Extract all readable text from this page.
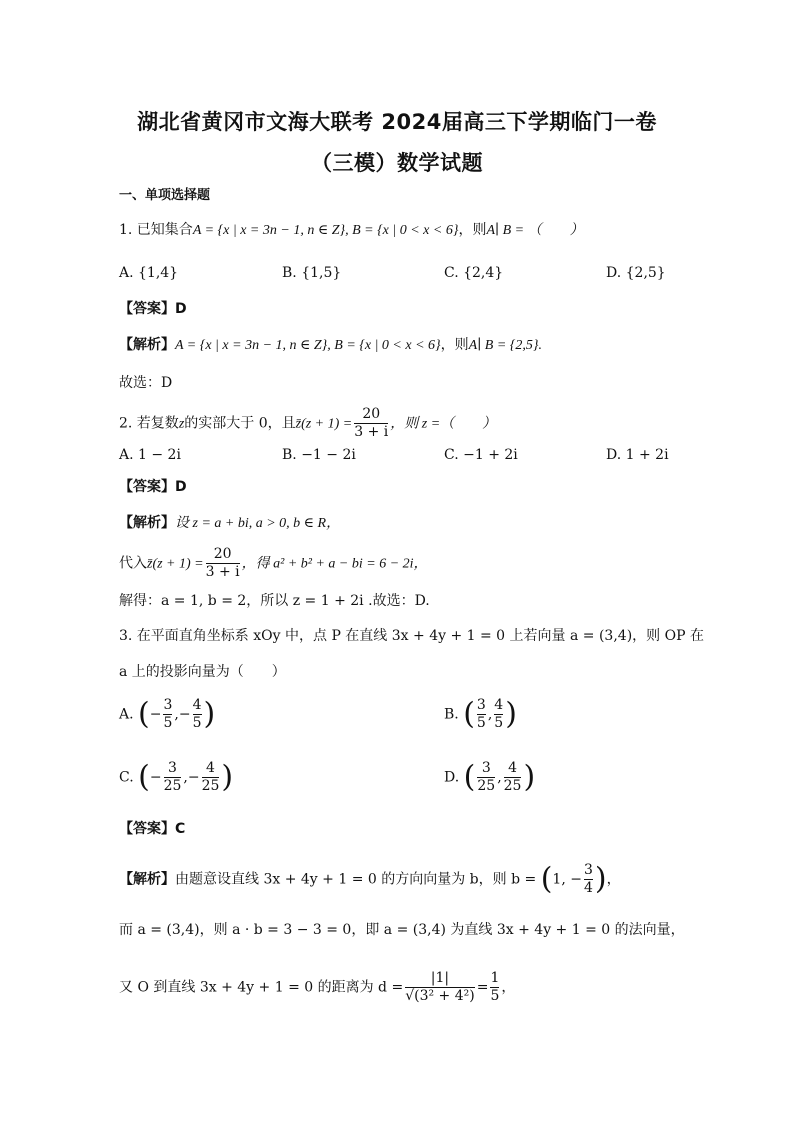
湖北省黄冈市文海大联考 2024届高三下学期临门一卷
（三模）数学试题
一、单项选择题
1. 已知集合A = {x | x = 3n − 1, n ∈ Z}, B = {x | 0 < x < 6}，则A∣ B = （　　）
A. {1,4}	B. {1,5}	C. {2,4}	D. {2,5}
【答案】D
【解析】A = {x | x = 3n − 1, n ∈ Z}, B = {x | 0 < x < 6}，则A∣ B = {2,5}.
故选：D
2. 若复数z的实部大于 0，且z̄(z + $1) = \frac{20}{3 + i}$ ，则 z =（　　）
A. 1 − 2i	B. −1 − 2i	C. −1 + 2i	D. 1 + 2i
【答案】D
【解析】设 z = a + bi, a > 0, b ∈ R，
代入z̄(z + $1) = \frac{20}{3 + i}$ ，得 a² + b² + a − bi = 6 − 2i，
解得：a = 1, b = 2，所以 z = 1 + 2i .故选：D.
3. 在平面直角坐标系 xOy 中，点 P 在直线 3x + 4y + 1 = 0 上若向量 a = (3,4)，则 OP 在
a 上的投影向量为（　　）
A. (− $\frac{3}{5}$ ,− $\frac{4}{5}$ )	B. ( $\frac{3}{5}$ , $\frac{4}{5}$ )
C. (− $\frac{3}{25}$ ,− $\frac{4}{25}$ )	D. ( $\frac{3}{25}$ , $\frac{4}{25}$ )
【答案】C
【解析】由题意设直线 3x + 4y + 1 = 0 的方向向量为 b，则 b = (1, − $\frac{3}{4}$ )，
而 a = (3,4)，则 a · b = 3 − 3 = 0，即 a = (3,4) 为直线 3x + 4y + 1 = 0 的法向量，
又 O 到直线 3x + 4y + 1 = 0 的距离为 $d = \frac{|1|}{\text{√(3² + 4²)}} = \frac{1}{5}$ ，
